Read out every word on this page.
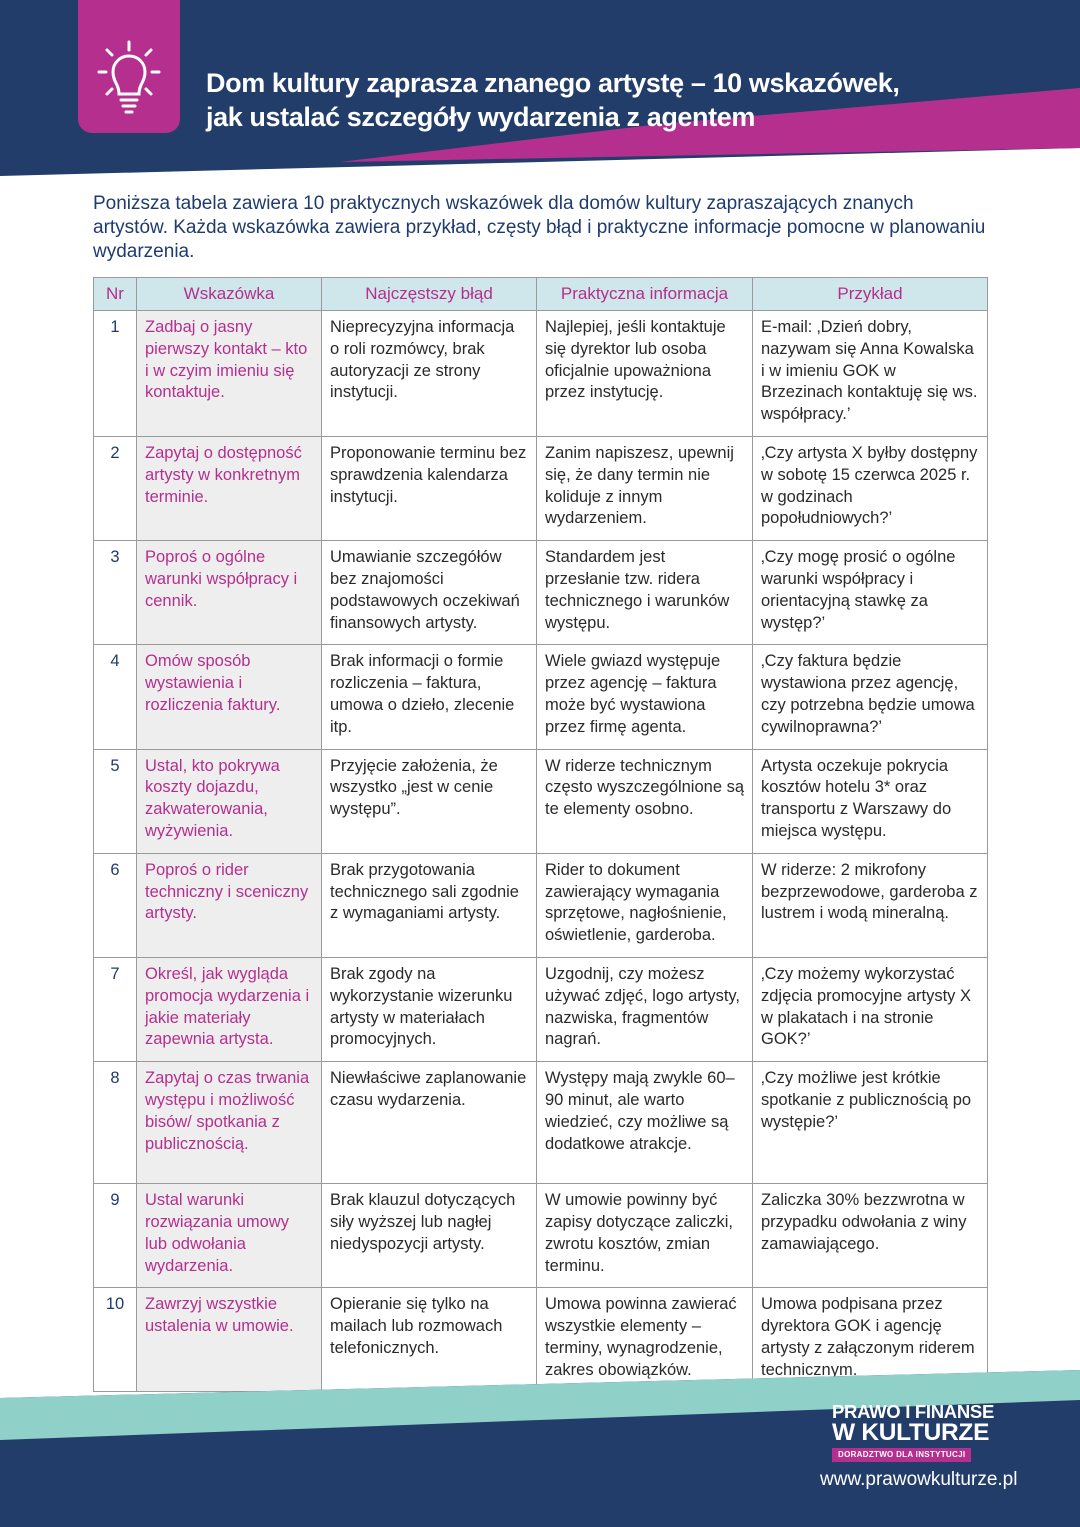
Dom kultury zaprasza znanego artystę – 10 wskazówek,
jak ustalać szczegóły wydarzenia z agentem

Poniższa tabela zawiera 10 praktycznych wskazówek dla domów kultury zapraszających znanych artystów. Każda wskazówka zawiera przykład, częsty błąd i praktyczne informacje pomocne w planowaniu wydarzenia.

Nr	Wskazówka	Najczęstszy błąd	Praktyczna informacja	Przykład
1	Zadbaj o jasny pierwszy kontakt – kto i w czyim imieniu się kontaktuje.	Nieprecyzyjna informacja o roli rozmówcy, brak autoryzacji ze strony instytucji.	Najlepiej, jeśli kontaktuje się dyrektor lub osoba oficjalnie upoważniona przez instytucję.	E-mail: ‚Dzień dobry, nazywam się Anna Kowalska i w imieniu GOK w Brzezinach kontaktuję się ws. współpracy.’
2	Zapytaj o dostępność artysty w konkretnym terminie.	Proponowanie terminu bez sprawdzenia kalendarza instytucji.	Zanim napiszesz, upewnij się, że dany termin nie koliduje z innym wydarzeniem.	‚Czy artysta X byłby dostępny w sobotę 15 czerwca 2025 r. w godzinach popołudniowych?’
3	Poproś o ogólne warunki współpracy i cennik.	Umawianie szczegółów bez znajomości podstawowych oczekiwań finansowych artysty.	Standardem jest przesłanie tzw. ridera technicznego i warunków występu.	‚Czy mogę prosić o ogólne warunki współpracy i orientacyjną stawkę za występ?’
4	Omów sposób wystawienia i rozliczenia faktury.	Brak informacji o formie rozliczenia – faktura, umowa o dzieło, zlecenie itp.	Wiele gwiazd występuje przez agencję – faktura może być wystawiona przez firmę agenta.	‚Czy faktura będzie wystawiona przez agencję, czy potrzebna będzie umowa cywilnoprawna?’
5	Ustal, kto pokrywa koszty dojazdu, zakwaterowania, wyżywienia.	Przyjęcie założenia, że wszystko „jest w cenie występu”.	W riderze technicznym często wyszczególnione są te elementy osobno.	Artysta oczekuje pokrycia kosztów hotelu 3* oraz transportu z Warszawy do miejsca występu.
6	Poproś o rider techniczny i sceniczny artysty.	Brak przygotowania technicznego sali zgodnie z wymaganiami artysty.	Rider to dokument zawierający wymagania sprzętowe, nagłośnienie, oświetlenie, garderoba.	W riderze: 2 mikrofony bezprzewodowe, garderoba z lustrem i wodą mineralną.
7	Określ, jak wygląda promocja wydarzenia i jakie materiały zapewnia artysta.	Brak zgody na wykorzystanie wizerunku artysty w materiałach promocyjnych.	Uzgodnij, czy możesz używać zdjęć, logo artysty, nazwiska, fragmentów nagrań.	‚Czy możemy wykorzystać zdjęcia promocyjne artysty X w plakatach i na stronie GOK?’
8	Zapytaj o czas trwania występu i możliwość bisów/ spotkania z publicznością.	Niewłaściwe zaplanowanie czasu wydarzenia.	Występy mają zwykle 60–90 minut, ale warto wiedzieć, czy możliwe są dodatkowe atrakcje.	‚Czy możliwe jest krótkie spotkanie z publicznością po występie?’
9	Ustal warunki rozwiązania umowy lub odwołania wydarzenia.	Brak klauzul dotyczących siły wyższej lub nagłej niedyspozycji artysty.	W umowie powinny być zapisy dotyczące zaliczki, zwrotu kosztów, zmian terminu.	Zaliczka 30% bezzwrotna w przypadku odwołania z winy zamawiającego.
10	Zawrzyj wszystkie ustalenia w umowie.	Opieranie się tylko na mailach lub rozmowach telefonicznych.	Umowa powinna zawierać wszystkie elementy – terminy, wynagrodzenie, zakres obowiązków.	Umowa podpisana przez dyrektora GOK i agencję artysty z załączonym riderem technicznym.
PRAWO I FINANSE
W KULTURZE
DORADZTWO DLA INSTYTUCJI
www.prawowkulturze.pl
